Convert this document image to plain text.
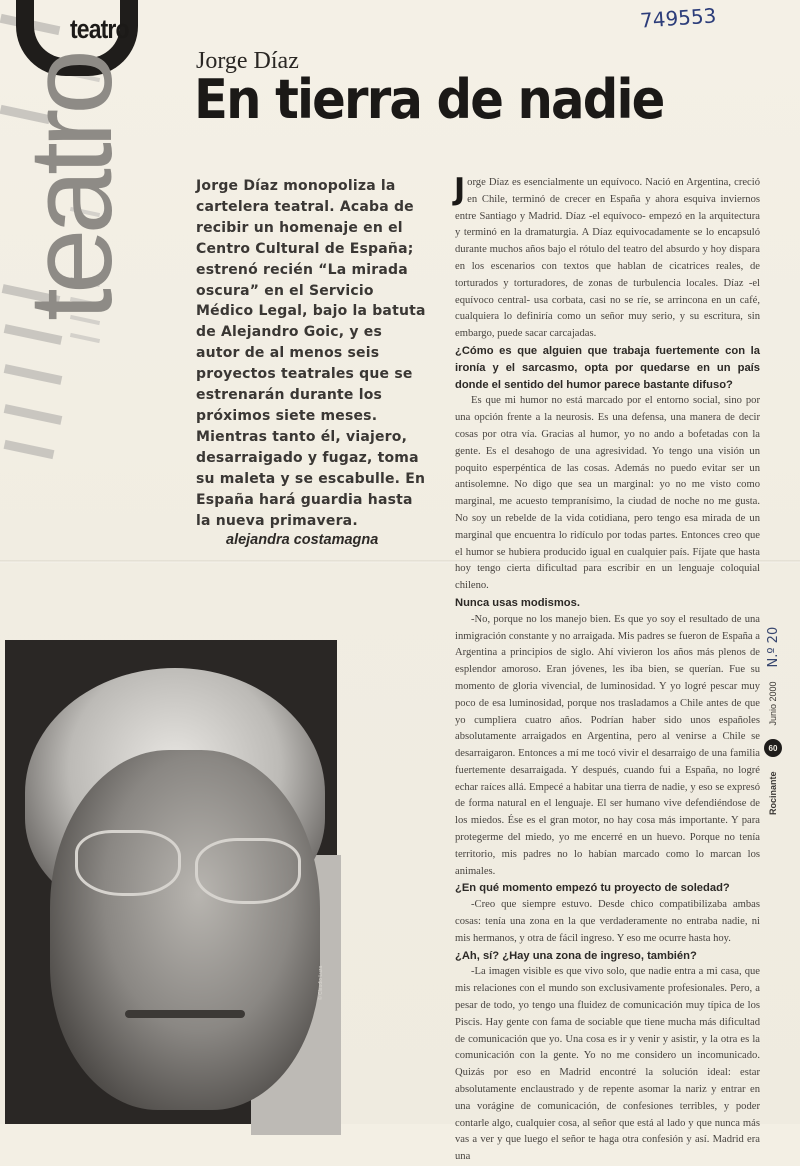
teatro
teatro	749553
Jorge Díaz
En tierra de nadie
Jorge Díaz monopoliza la cartelera teatral. Acaba de recibir un homenaje en el Centro Cultural de España; estrenó recién “La mirada oscura” en el Servicio Médico Legal, bajo la batuta de Alejandro Goic, y es autor de al menos seis proyectos teatrales que se estrenarán durante los próximos siete meses. Mientras tanto él, viajero, desarraigado y fugaz, toma su maleta y se escabulle. En España hará guardia hasta la nueva primavera.
alejandra costamagna
© Claudio Luza

Jorge Díaz es esencialmente un equívoco. Nació en Argentina, creció en Chile, terminó de crecer en España y ahora esquiva inviernos entre Santiago y Madrid. Díaz -el equívoco- empezó en la arquitectura y terminó en la dramaturgia. A Díaz equivocadamente se lo encapsuló durante muchos años bajo el rótulo del teatro del absurdo y hoy dispara en los escenarios con textos que hablan de cicatrices reales, de torturados y torturadores, de zonas de turbulencia locales. Díaz -el equívoco central- usa corbata, casi no se ríe, se arrincona en un café, cualquiera lo definiría como un señor muy serio, y su escritura, sin embargo, puede sacar carcajadas.

¿Cómo es que alguien que trabaja fuertemente con la ironía y el sarcasmo, opta por quedarse en un país donde el sentido del humor parece bastante difuso?

Es que mi humor no está marcado por el entorno social, sino por una opción frente a la neurosis. Es una defensa, una manera de decir cosas por otra vía. Gracias al humor, yo no ando a bofetadas con la gente. Es el desahogo de una agresividad. Yo tengo una visión un poquito esperpéntica de las cosas. Además no puedo evitar ser un antisolemne. No digo que sea un marginal: yo no me visto como marginal, me acuesto tempranísimo, la ciudad de noche no me gusta. No soy un rebelde de la vida cotidiana, pero tengo esa mirada de un marginal que encuentra lo ridículo por todas partes. Entonces creo que el humor se hubiera producido igual en cualquier país. Fíjate que hasta hoy tengo cierta dificultad para escribir en un lenguaje coloquial chileno.

Nunca usas modismos.

-No, porque no los manejo bien. Es que yo soy el resultado de una inmigración constante y no arraigada. Mis padres se fueron de España a Argentina a principios de siglo. Ahí vivieron los años más plenos de esplendor amoroso. Eran jóvenes, les iba bien, se querían. Fue su momento de gloria vivencial, de luminosidad. Y yo logré pescar muy poco de esa luminosidad, porque nos trasladamos a Chile antes de que yo cumpliera cuatro años. Podrían haber sido unos españoles absolutamente arraigados en Argentina, pero al venirse a Chile se desarraigaron. Entonces a mí me tocó vivir el desarraigo de una familia fuertemente desarraigada. Y después, cuando fui a España, no logré echar raíces allá. Empecé a habitar una tierra de nadie, y eso se expresó de forma natural en el lenguaje. El ser humano vive defendiéndose de los miedos. Ése es el gran motor, no hay cosa más importante. Y para protegerme del miedo, yo me encerré en un huevo. Porque no tenía territorio, mis padres no lo habían marcado como lo marcan los animales.

¿En qué momento empezó tu proyecto de soledad?

-Creo que siempre estuvo. Desde chico compatibilizaba ambas cosas: tenía una zona en la que verdaderamente no entraba nadie, ni mis hermanos, y otra de fácil ingreso. Y eso me ocurre hasta hoy.

¿Ah, sí? ¿Hay una zona de ingreso, también?

-La imagen visible es que vivo solo, que nadie entra a mi casa, que mis relaciones con el mundo son exclusivamente profesionales. Pero, a pesar de todo, yo tengo una fluidez de comunicación muy típica de los Piscis. Hay gente con fama de sociable que tiene mucha más dificultad de comunicación que yo. Una cosa es ir y venir y asistir, y la otra es la comunicación con la gente. Yo no me considero un incomunicado. Quizás por eso en Madrid encontré la solución ideal: estar absolutamente enclaustrado y de repente asomar la nariz y entrar en una vorágine de comunicación, de confesiones terribles, y poder contarle algo, cualquier cosa, al señor que está al lado y que nunca más vas a ver y que luego el señor te haga otra confesión y así. Madrid era una

Rocinante
60
Junio 2000
N.º 20
